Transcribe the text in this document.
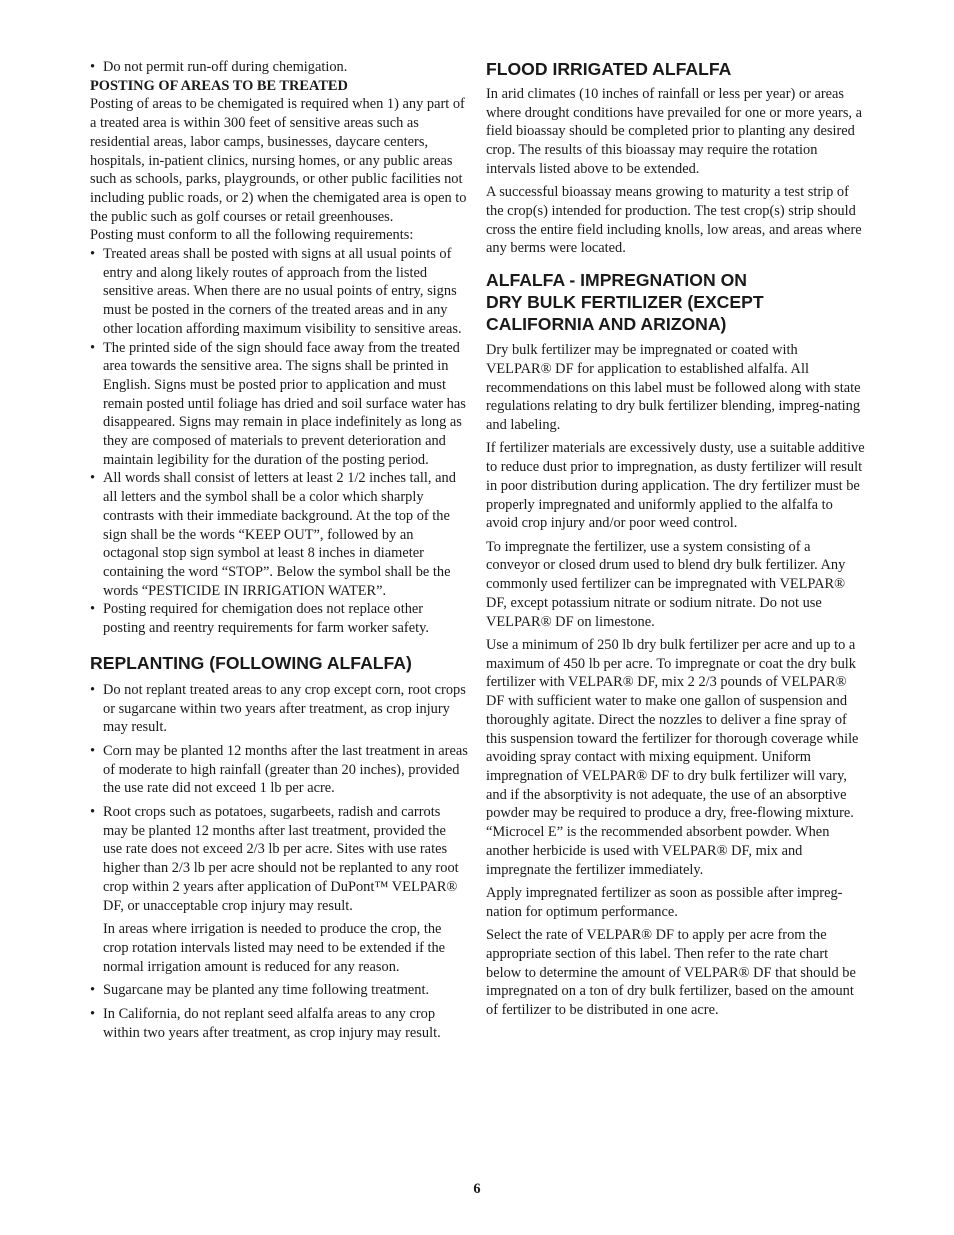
• Do not permit run-off during chemigation.

POSTING OF AREAS TO BE TREATED

Posting of areas to be chemigated is required when 1) any part of a treated area is within 300 feet of sensitive areas such as residential areas, labor camps, businesses, daycare centers, hospitals, in-patient clinics, nursing homes, or any public areas such as schools, parks, playgrounds, or other public facilities not including public roads, or 2) when the chemigated area is open to the public such as golf courses or retail greenhouses.

Posting must conform to all the following requirements:

• Treated areas shall be posted with signs at all usual points of entry and along likely routes of approach from the listed sensitive areas. When there are no usual points of entry, signs must be posted in the corners of the treated areas and in any other location affording maximum visibility to sensitive areas.
• The printed side of the sign should face away from the treated area towards the sensitive area. The signs shall be printed in English. Signs must be posted prior to application and must remain posted until foliage has dried and soil surface water has disappeared. Signs may remain in place indefinitely as long as they are composed of materials to prevent deterioration and maintain legibility for the duration of the posting period.
• All words shall consist of letters at least 2 1/2 inches tall, and all letters and the symbol shall be a color which sharply contrasts with their immediate background. At the top of the sign shall be the words “KEEP OUT”, followed by an octagonal stop sign symbol at least 8 inches in diameter containing the word “STOP”. Below the symbol shall be the words “PESTICIDE IN IRRIGATION WATER”.
• Posting required for chemigation does not replace other posting and reentry requirements for farm worker safety.
REPLANTING (FOLLOWING ALFALFA)
• Do not replant treated areas to any crop except corn, root crops or sugarcane within two years after treatment, as crop injury may result.
• Corn may be planted 12 months after the last treatment in areas of moderate to high rainfall (greater than 20 inches), provided the use rate did not exceed 1 lb per acre.
• Root crops such as potatoes, sugarbeets, radish and carrots may be planted 12 months after last treatment, provided the use rate does not exceed 2/3 lb per acre. Sites with use rates higher than 2/3 lb per acre should not be replanted to any root crop within 2 years after application of DuPont™ VELPAR® DF, or unacceptable crop injury may result.

In areas where irrigation is needed to produce the crop, the crop rotation intervals listed may need to be extended if the normal irrigation amount is reduced for any reason.

• Sugarcane may be planted any time following treatment.
• In California, do not replant seed alfalfa areas to any crop within two years after treatment, as crop injury may result.
FLOOD IRRIGATED ALFALFA

In arid climates (10 inches of rainfall or less per year) or areas where drought conditions have prevailed for one or more years, a field bioassay should be completed prior to planting any desired crop. The results of this bioassay may require the rotation intervals listed above to be extended.

A successful bioassay means growing to maturity a test strip of the crop(s) intended for production. The test crop(s) strip should cross the entire field including knolls, low areas, and areas where any berms were located.

ALFALFA - IMPREGNATION ON
DRY BULK FERTILIZER (EXCEPT
CALIFORNIA AND ARIZONA)

Dry bulk fertilizer may be impregnated or coated with VELPAR® DF for application to established alfalfa. All recommendations on this label must be followed along with state regulations relating to dry bulk fertilizer blending, impreg-nating and labeling.

If fertilizer materials are excessively dusty, use a suitable additive to reduce dust prior to impregnation, as dusty fertilizer will result in poor distribution during application. The dry fertilizer must be properly impregnated and uniformly applied to the alfalfa to avoid crop injury and/or poor weed control.

To impregnate the fertilizer, use a system consisting of a conveyor or closed drum used to blend dry bulk fertilizer. Any commonly used fertilizer can be impregnated with VELPAR® DF, except potassium nitrate or sodium nitrate. Do not use VELPAR® DF on limestone.

Use a minimum of 250 lb dry bulk fertilizer per acre and up to a maximum of 450 lb per acre. To impregnate or coat the dry bulk fertilizer with VELPAR® DF, mix 2 2/3 pounds of VELPAR® DF with sufficient water to make one gallon of suspension and thoroughly agitate. Direct the nozzles to deliver a fine spray of this suspension toward the fertilizer for thorough coverage while avoiding spray contact with mixing equipment. Uniform impregnation of VELPAR® DF to dry bulk fertilizer will vary, and if the absorptivity is not adequate, the use of an absorptive powder may be required to produce a dry, free-flowing mixture. “Microcel E” is the recommended absorbent powder. When another herbicide is used with VELPAR® DF, mix and impregnate the fertilizer immediately.

Apply impregnated fertilizer as soon as possible after impreg-nation for optimum performance.

Select the rate of VELPAR® DF to apply per acre from the appropriate section of this label. Then refer to the rate chart below to determine the amount of VELPAR® DF that should be impregnated on a ton of dry bulk fertilizer, based on the amount of fertilizer to be distributed in one acre.

6
